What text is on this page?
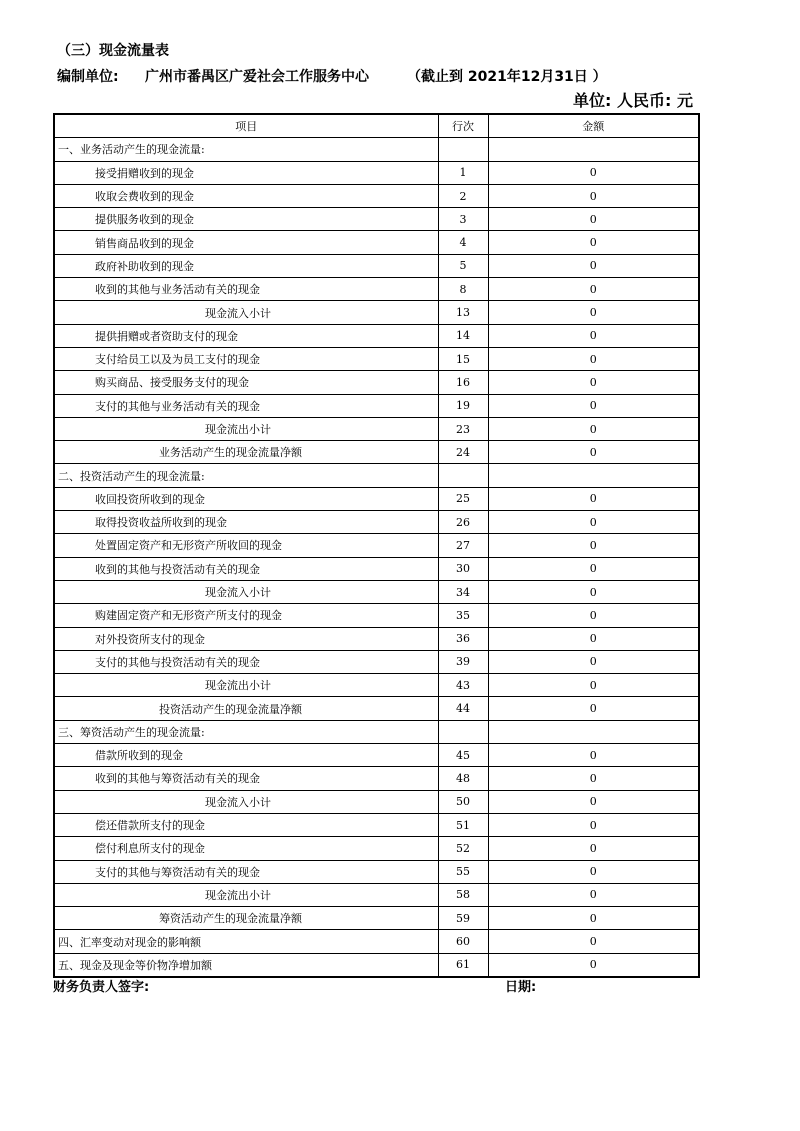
（三）现金流量表
编制单位: 广州市番禺区广爱社会工作服务中心	（截止到 2021年12月31日 ）
单位: 人民币: 元
项目	行次	金额
一、业务活动产生的现金流量:		
接受捐赠收到的现金	1	0
收取会费收到的现金	2	0
提供服务收到的现金	3	0
销售商品收到的现金	4	0
政府补助收到的现金	5	0
收到的其他与业务活动有关的现金	8	0
现金流入小计	13	0
提供捐赠或者资助支付的现金	14	0
支付给员工以及为员工支付的现金	15	0
购买商品、接受服务支付的现金	16	0
支付的其他与业务活动有关的现金	19	0
现金流出小计	23	0
业务活动产生的现金流量净额	24	0
二、投资活动产生的现金流量:		
收回投资所收到的现金	25	0
取得投资收益所收到的现金	26	0
处置固定资产和无形资产所收回的现金	27	0
收到的其他与投资活动有关的现金	30	0
现金流入小计	34	0
购建固定资产和无形资产所支付的现金	35	0
对外投资所支付的现金	36	0
支付的其他与投资活动有关的现金	39	0
现金流出小计	43	0
投资活动产生的现金流量净额	44	0
三、筹资活动产生的现金流量:		
借款所收到的现金	45	0
收到的其他与筹资活动有关的现金	48	0
现金流入小计	50	0
偿还借款所支付的现金	51	0
偿付利息所支付的现金	52	0
支付的其他与筹资活动有关的现金	55	0
现金流出小计	58	0
筹资活动产生的现金流量净额	59	0
四、汇率变动对现金的影响额	60	0
五、现金及现金等价物净增加额	61	0
财务负责人签字:	日期:
